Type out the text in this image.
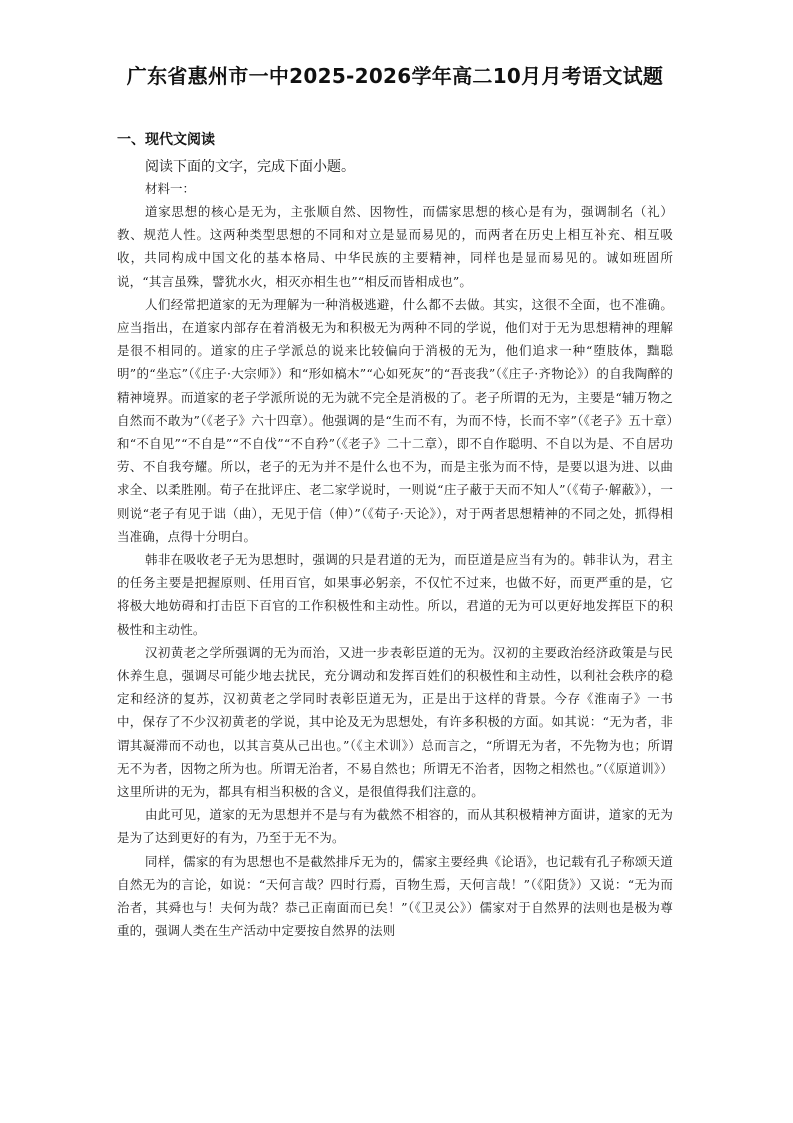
广东省惠州市一中2025-2026学年高二10月月考语文试题
一、现代文阅读

阅读下面的文字，完成下面小题。

材料一：

道家思想的核心是无为，主张顺自然、因物性，而儒家思想的核心是有为，强调制名（礼）教、规范人性。这两种类型思想的不同和对立是显而易见的，而两者在历史上相互补充、相互吸收，共同构成中国文化的基本格局、中华民族的主要精神，同样也是显而易见的。诚如班固所说，“其言虽殊，譬犹水火，相灭亦相生也”“相反而皆相成也”。

人们经常把道家的无为理解为一种消极逃避，什么都不去做。其实，这很不全面，也不准确。应当指出，在道家内部存在着消极无为和积极无为两种不同的学说，他们对于无为思想精神的理解是很不相同的。道家的庄子学派总的说来比较偏向于消极的无为，他们追求一种“堕肢体，黜聪明”的“坐忘”（《庄子·大宗师》）和“形如槁木”“心如死灰”的“吾丧我”（《庄子·齐物论》）的自我陶醉的精神境界。而道家的老子学派所说的无为就不完全是消极的了。老子所谓的无为，主要是“辅万物之自然而不敢为”（《老子》六十四章）。他强调的是“生而不有，为而不恃，长而不宰”（《老子》五十章）和“不自见”“不自是”“不自伐”“不自矜”（《老子》二十二章），即不自作聪明、不自以为是、不自居功劳、不自我夸耀。所以，老子的无为并不是什么也不为，而是主张为而不恃，是要以退为进、以曲求全、以柔胜刚。荀子在批评庄、老二家学说时，一则说“庄子蔽于天而不知人”（《荀子·解蔽》），一则说“老子有见于诎（曲），无见于信（伸）”（《荀子·天论》），对于两者思想精神的不同之处，抓得相当准确，点得十分明白。

韩非在吸收老子无为思想时，强调的只是君道的无为，而臣道是应当有为的。韩非认为，君主的任务主要是把握原则、任用百官，如果事必躬亲，不仅忙不过来，也做不好，而更严重的是，它将极大地妨碍和打击臣下百官的工作积极性和主动性。所以，君道的无为可以更好地发挥臣下的积极性和主动性。

汉初黄老之学所强调的无为而治，又进一步表彰臣道的无为。汉初的主要政治经济政策是与民休养生息，强调尽可能少地去扰民，充分调动和发挥百姓们的积极性和主动性，以利社会秩序的稳定和经济的复苏，汉初黄老之学同时表彰臣道无为，正是出于这样的背景。今存《淮南子》一书中，保存了不少汉初黄老的学说，其中论及无为思想处，有许多积极的方面。如其说：“无为者，非谓其凝滞而不动也，以其言莫从己出也。”（《主术训》）总而言之，“所谓无为者，不先物为也；所谓无不为者，因物之所为也。所谓无治者，不易自然也；所谓无不治者，因物之相然也。”（《原道训》）这里所讲的无为，都具有相当积极的含义，是很值得我们注意的。

由此可见，道家的无为思想并不是与有为截然不相容的，而从其积极精神方面讲，道家的无为是为了达到更好的有为，乃至于无不为。

同样，儒家的有为思想也不是截然排斥无为的，儒家主要经典《论语》，也记载有孔子称颂天道自然无为的言论，如说：“天何言哉？四时行焉，百物生焉，天何言哉！”（《阳货》）又说：“无为而治者，其舜也与！夫何为哉？恭己正南面而已矣！”（《卫灵公》）儒家对于自然界的法则也是极为尊重的，强调人类在生产活动中定要按自然界的法则
